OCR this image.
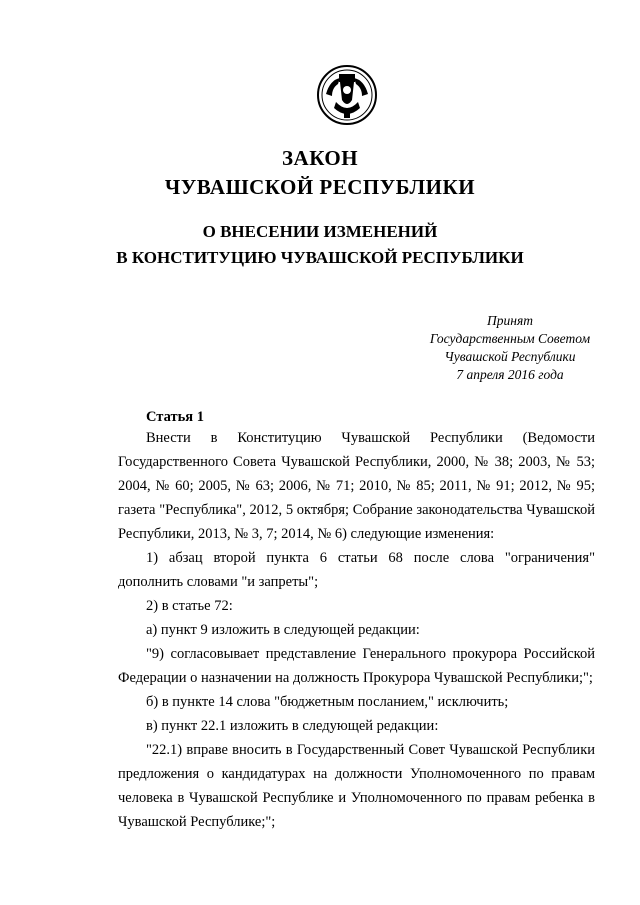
ЗАКОН
ЧУВАШСКОЙ РЕСПУБЛИКИ
О ВНЕСЕНИИ ИЗМЕНЕНИЙ
В КОНСТИТУЦИЮ ЧУВАШСКОЙ РЕСПУБЛИКИ
Принят
Государственным Советом
Чувашской Республики
7 апреля 2016 года
Статья 1

Внести в Конституцию Чувашской Республики (Ведомости Государственного Совета Чувашской Республики, 2000, № 38; 2003, № 53; 2004, № 60; 2005, № 63; 2006, № 71; 2010, № 85; 2011, № 91; 2012, № 95; газета "Республика", 2012, 5 октября; Собрание законодательства Чувашской Республики, 2013, № 3, 7; 2014, № 6) следующие изменения:

1) абзац второй пункта 6 статьи 68 после слова "ограничения" дополнить словами "и запреты";

2) в статье 72:

а) пункт 9 изложить в следующей редакции:

"9) согласовывает представление Генерального прокурора Российской Федерации о назначении на должность Прокурора Чувашской Республики;";

б) в пункте 14 слова "бюджетным посланием," исключить;

в) пункт 22.1 изложить в следующей редакции:

"22.1) вправе вносить в Государственный Совет Чувашской Республики предложения о кандидатурах на должности Уполномоченного по правам человека в Чувашской Республике и Уполномоченного по правам ребенка в Чувашской Республике;";
